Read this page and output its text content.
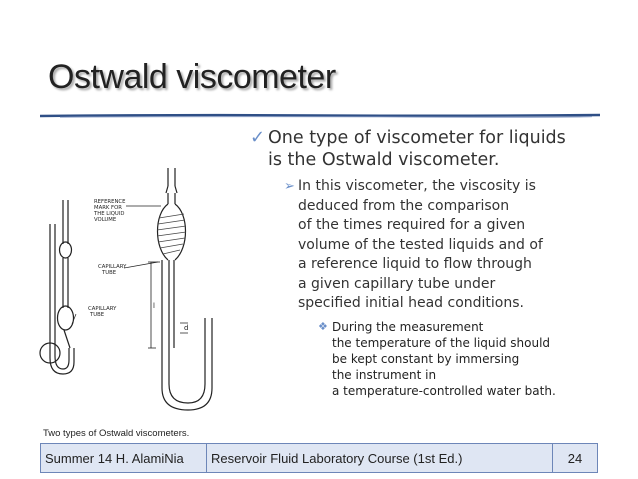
Ostwald viscometer
✓ One type of viscometer for liquids
is the Ostwald viscometer.
➢ In this viscometer, the viscosity is
deduced from the comparison
of the times required for a given
volume of the tested liquids and of
a reference liquid to flow through
a given capillary tube under
specified initial head conditions.
❖ During the measurement
the temperature of the liquid should
be kept constant by immersing
the instrument in
a temperature-controlled water bath.
REFERENCE
MARK FOR
THE LIQUID
VOLUME
CAPILLARY
TUBE
CAPILLARY
TUBE
l
d
Two types of Ostwald viscometers.
Summer 14 H. AlamiNia	Reservoir Fluid Laboratory Course (1st Ed.)	24
